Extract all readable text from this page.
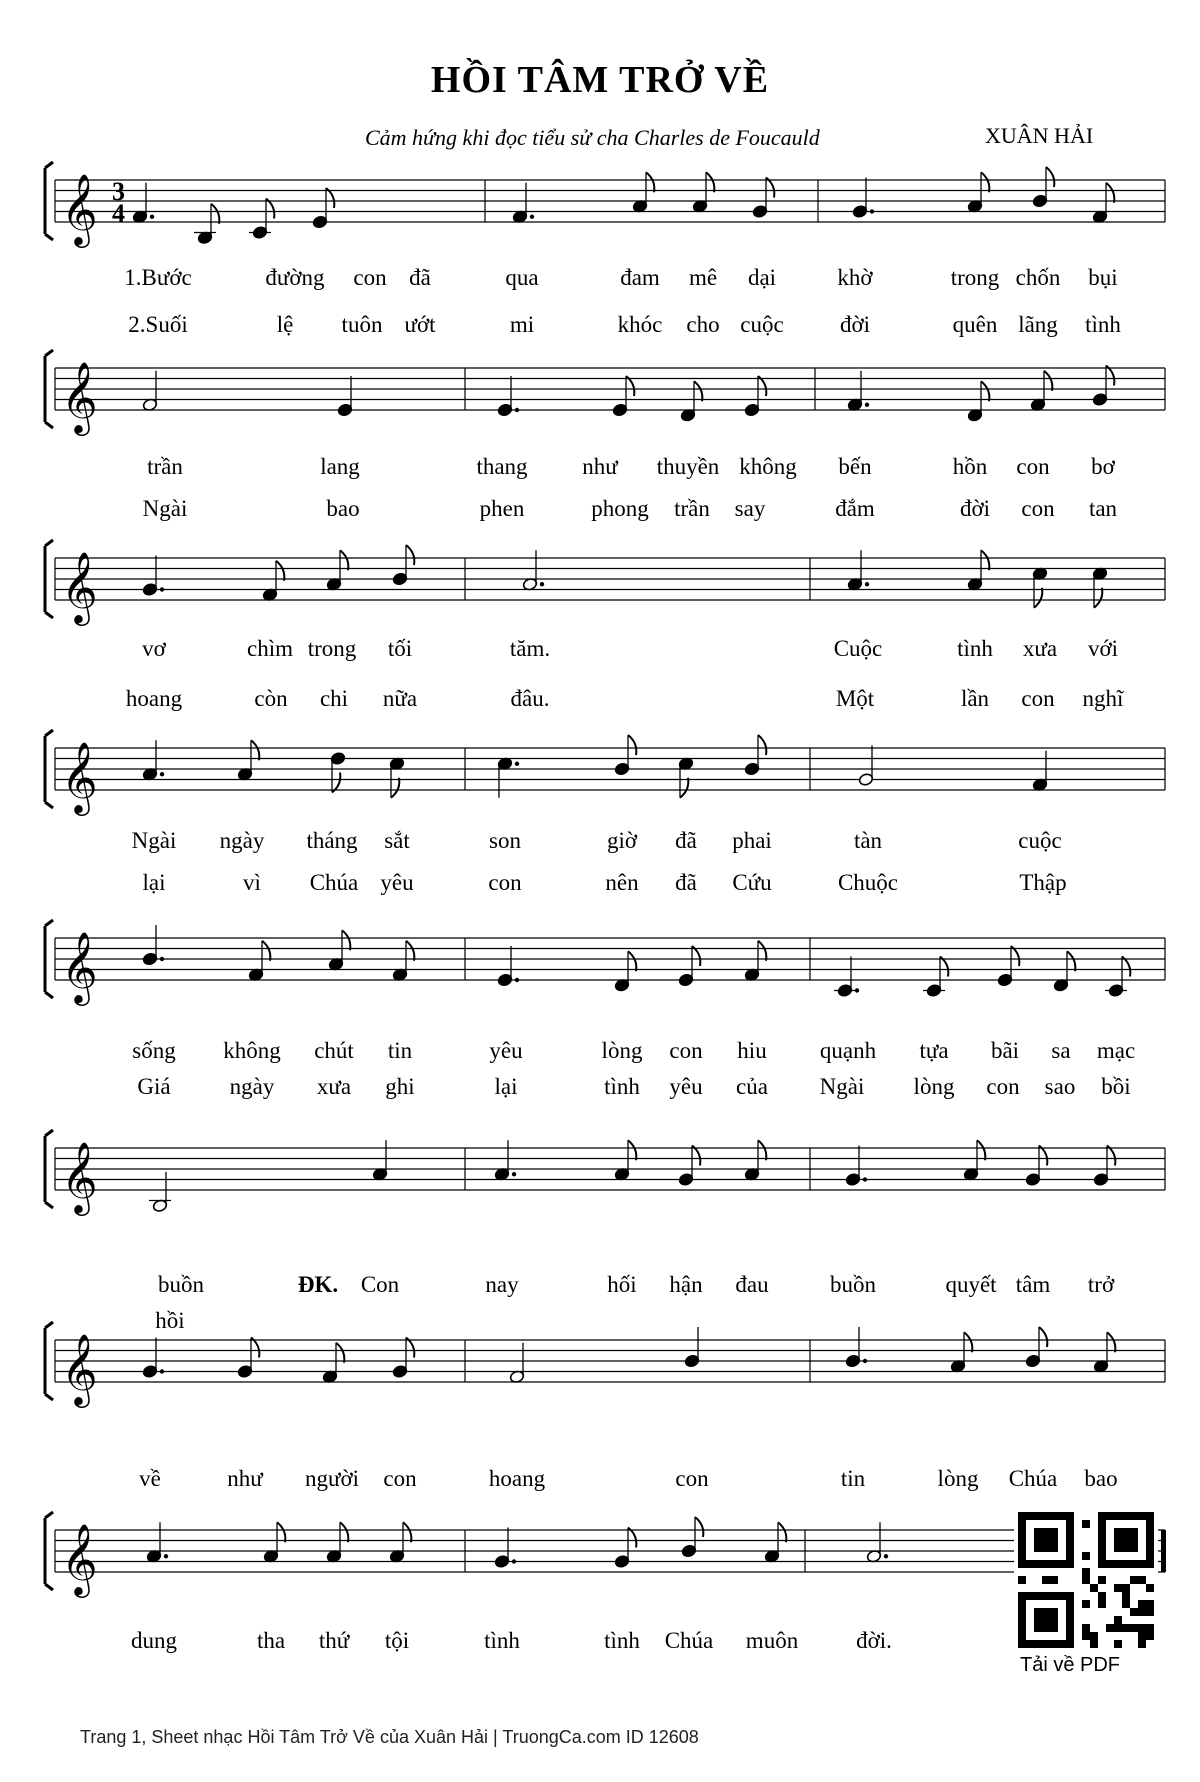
𝄞 3
4
𝄞
𝄞
𝄞
𝄞
𝄞
𝄞
𝄞
HỒI TÂM TRỞ VỀ
Cảm hứng khi đọc tiểu sử cha Charles de Foucauld	XUÂN HẢI
1.Bước	đường con đã	qua	đam mê dại	khờ	trong chốn bụi
2.Suối	lệ tuôn ướt	mi	khóc cho cuộc đời	quên lãng tình
trần	lang	thang như thuyền không bến	hồn con bơ
Ngài	bao	phen	phong trần say	đắm	đời con tan
vơ	chìm trong tối	tăm.	Cuộc	tình xưa với
hoang	còn chi nữa	đâu.	Một	lần con nghĩ
Ngài ngày tháng sắt	son	giờ đã phai	tàn	cuộc
lại	vì Chúa yêu	con	nên đã Cứu	Chuộc	Thập
sống không chút tin	yêu	lòng con hiu quạnh tựa bãi sa mạc
Giá	ngày xưa ghi	lại	tình yêu của Ngài lòng con sao bồi
buồn	ĐK. Con	nay	hối hận đau	buồn	quyết tâm trở
hồi
về	như người con	hoang	con	tin	lòng Chúa bao
dung	tha thứ tội	tình	tình Chúa muôn	đời.
Tải về PDF
Trang 1, Sheet nhạc Hồi Tâm Trở Về của Xuân Hải | TruongCa.com ID 12608
